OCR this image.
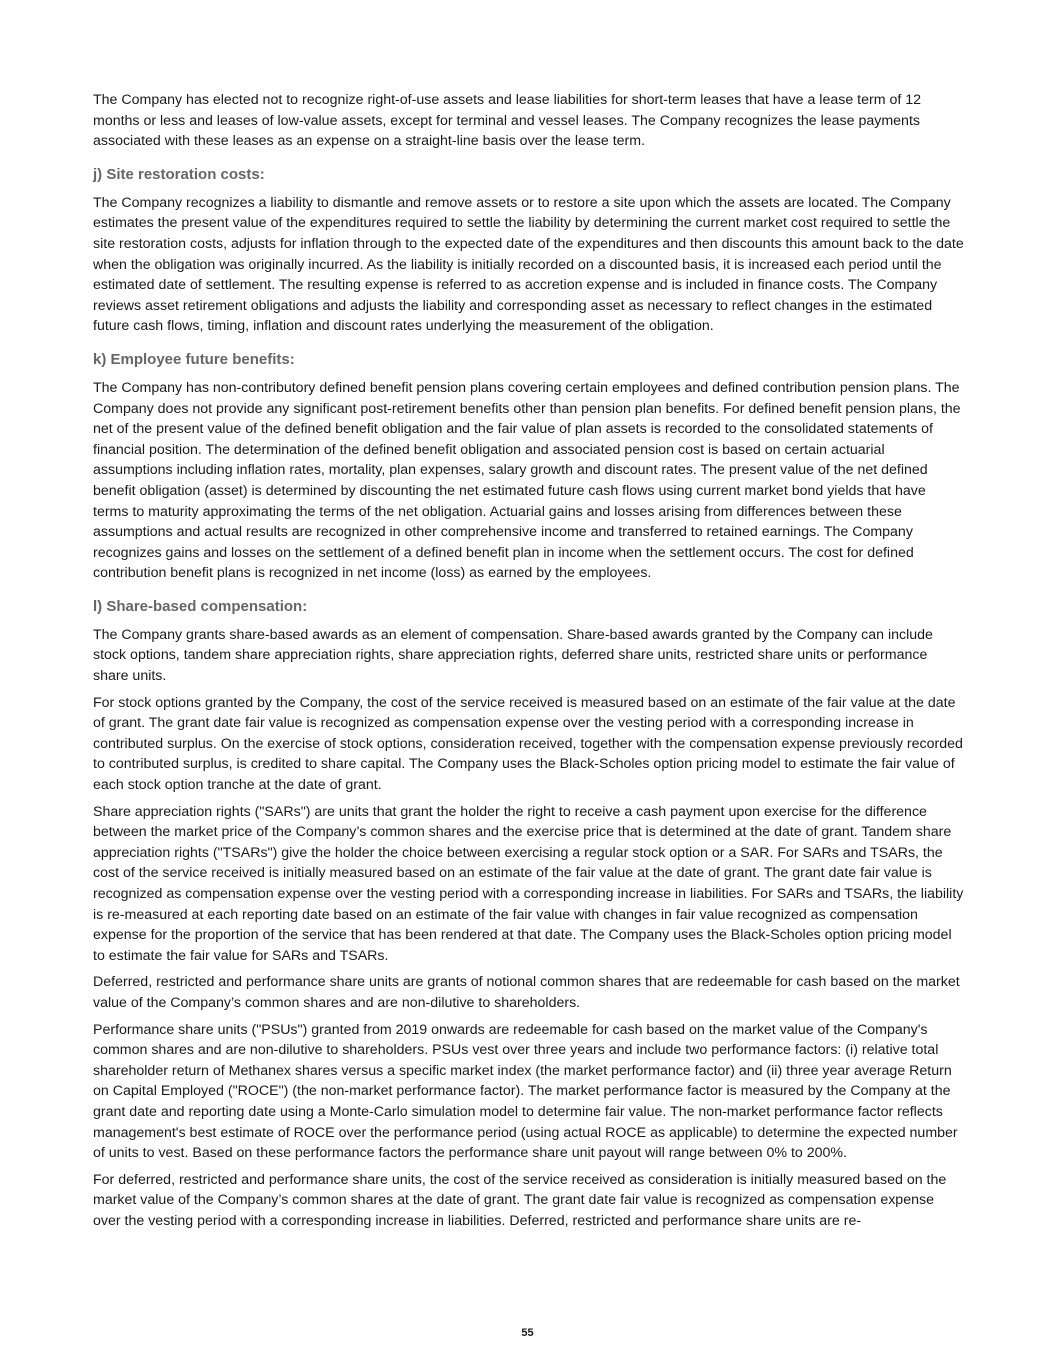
The Company has elected not to recognize right-of-use assets and lease liabilities for short-term leases that have a lease term of 12 months or less and leases of low-value assets, except for terminal and vessel leases. The Company recognizes the lease payments associated with these leases as an expense on a straight-line basis over the lease term.

j) Site restoration costs:

The Company recognizes a liability to dismantle and remove assets or to restore a site upon which the assets are located. The Company estimates the present value of the expenditures required to settle the liability by determining the current market cost required to settle the site restoration costs, adjusts for inflation through to the expected date of the expenditures and then discounts this amount back to the date when the obligation was originally incurred. As the liability is initially recorded on a discounted basis, it is increased each period until the estimated date of settlement. The resulting expense is referred to as accretion expense and is included in finance costs. The Company reviews asset retirement obligations and adjusts the liability and corresponding asset as necessary to reflect changes in the estimated future cash flows, timing, inflation and discount rates underlying the measurement of the obligation.

k) Employee future benefits:

The Company has non-contributory defined benefit pension plans covering certain employees and defined contribution pension plans. The Company does not provide any significant post-retirement benefits other than pension plan benefits. For defined benefit pension plans, the net of the present value of the defined benefit obligation and the fair value of plan assets is recorded to the consolidated statements of financial position. The determination of the defined benefit obligation and associated pension cost is based on certain actuarial assumptions including inflation rates, mortality, plan expenses, salary growth and discount rates. The present value of the net defined benefit obligation (asset) is determined by discounting the net estimated future cash flows using current market bond yields that have terms to maturity approximating the terms of the net obligation. Actuarial gains and losses arising from differences between these assumptions and actual results are recognized in other comprehensive income and transferred to retained earnings. The Company recognizes gains and losses on the settlement of a defined benefit plan in income when the settlement occurs. The cost for defined contribution benefit plans is recognized in net income (loss) as earned by the employees.

l) Share-based compensation:

The Company grants share-based awards as an element of compensation. Share-based awards granted by the Company can include stock options, tandem share appreciation rights, share appreciation rights, deferred share units, restricted share units or performance share units.

For stock options granted by the Company, the cost of the service received is measured based on an estimate of the fair value at the date of grant. The grant date fair value is recognized as compensation expense over the vesting period with a corresponding increase in contributed surplus. On the exercise of stock options, consideration received, together with the compensation expense previously recorded to contributed surplus, is credited to share capital. The Company uses the Black-Scholes option pricing model to estimate the fair value of each stock option tranche at the date of grant.

Share appreciation rights ("SARs") are units that grant the holder the right to receive a cash payment upon exercise for the difference between the market price of the Company’s common shares and the exercise price that is determined at the date of grant. Tandem share appreciation rights ("TSARs") give the holder the choice between exercising a regular stock option or a SAR. For SARs and TSARs, the cost of the service received is initially measured based on an estimate of the fair value at the date of grant. The grant date fair value is recognized as compensation expense over the vesting period with a corresponding increase in liabilities. For SARs and TSARs, the liability is re-measured at each reporting date based on an estimate of the fair value with changes in fair value recognized as compensation expense for the proportion of the service that has been rendered at that date. The Company uses the Black-Scholes option pricing model to estimate the fair value for SARs and TSARs.

Deferred, restricted and performance share units are grants of notional common shares that are redeemable for cash based on the market value of the Company’s common shares and are non-dilutive to shareholders.

Performance share units ("PSUs") granted from 2019 onwards are redeemable for cash based on the market value of the Company's common shares and are non-dilutive to shareholders. PSUs vest over three years and include two performance factors: (i) relative total shareholder return of Methanex shares versus a specific market index (the market performance factor) and (ii) three year average Return on Capital Employed ("ROCE") (the non-market performance factor). The market performance factor is measured by the Company at the grant date and reporting date using a Monte-Carlo simulation model to determine fair value. The non-market performance factor reflects management's best estimate of ROCE over the performance period (using actual ROCE as applicable) to determine the expected number of units to vest. Based on these performance factors the performance share unit payout will range between 0% to 200%.

For deferred, restricted and performance share units, the cost of the service received as consideration is initially measured based on the market value of the Company’s common shares at the date of grant. The grant date fair value is recognized as compensation expense over the vesting period with a corresponding increase in liabilities. Deferred, restricted and performance share units are re-

55
